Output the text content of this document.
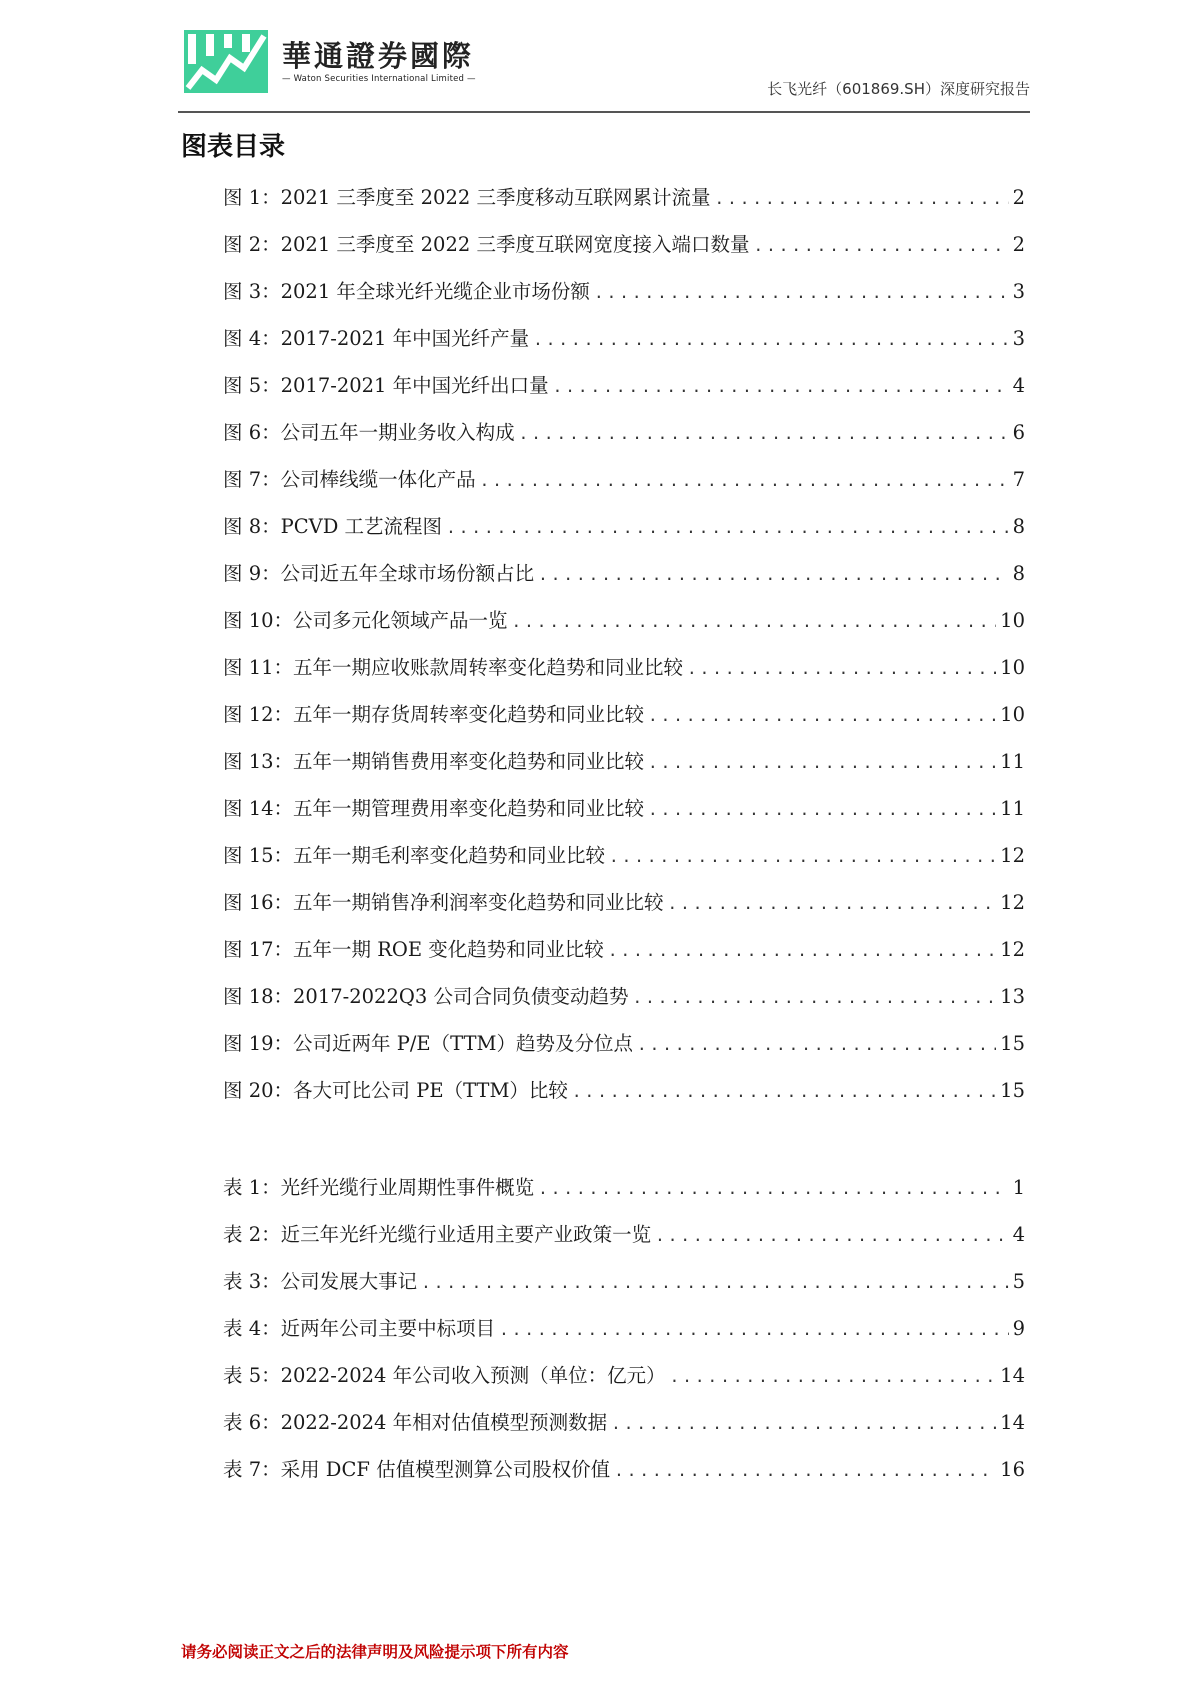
華通證券國際
— Waton Securities International Limited —
长飞光纤（601869.SH）深度研究报告
图表目录
图 1：2021 三季度至 2022 三季度移动互联网累计流量 .....	2
图 2：2021 三季度至 2022 三季度互联网宽度接入端口数量 .....	2
图 3：2021 年全球光纤光缆企业市场份额 .....	3
图 4：2017-2021 年中国光纤产量 .....	3
图 5：2017-2021 年中国光纤出口量 .....	4
图 6：公司五年一期业务收入构成 .....	6
图 7：公司棒线缆一体化产品 .....	7
图 8：PCVD 工艺流程图 .....	8
图 9：公司近五年全球市场份额占比 .....	8
图 10：公司多元化领域产品一览 .....	10
图 11：五年一期应收账款周转率变化趋势和同业比较 .....	10
图 12：五年一期存货周转率变化趋势和同业比较 .....	10
图 13：五年一期销售费用率变化趋势和同业比较 .....	11
图 14：五年一期管理费用率变化趋势和同业比较 .....	11
图 15：五年一期毛利率变化趋势和同业比较 .....	12
图 16：五年一期销售净利润率变化趋势和同业比较 .....	12
图 17：五年一期 ROE 变化趋势和同业比较 .....	12
图 18：2017-2022Q3 公司合同负债变动趋势 .....	13
图 19：公司近两年 P/E（TTM）趋势及分位点 .....	15
图 20：各大可比公司 PE（TTM）比较 .....	15
表 1：光纤光缆行业周期性事件概览 .....	1
表 2：近三年光纤光缆行业适用主要产业政策一览 .....	4
表 3：公司发展大事记 .....	5
表 4：近两年公司主要中标项目 .....	9
表 5：2022-2024 年公司收入预测（单位：亿元） .....	14
表 6：2022-2024 年相对估值模型预测数据 .....	14
表 7：采用 DCF 估值模型测算公司股权价值 .....	16
请务必阅读正文之后的法律声明及风险提示项下所有内容
